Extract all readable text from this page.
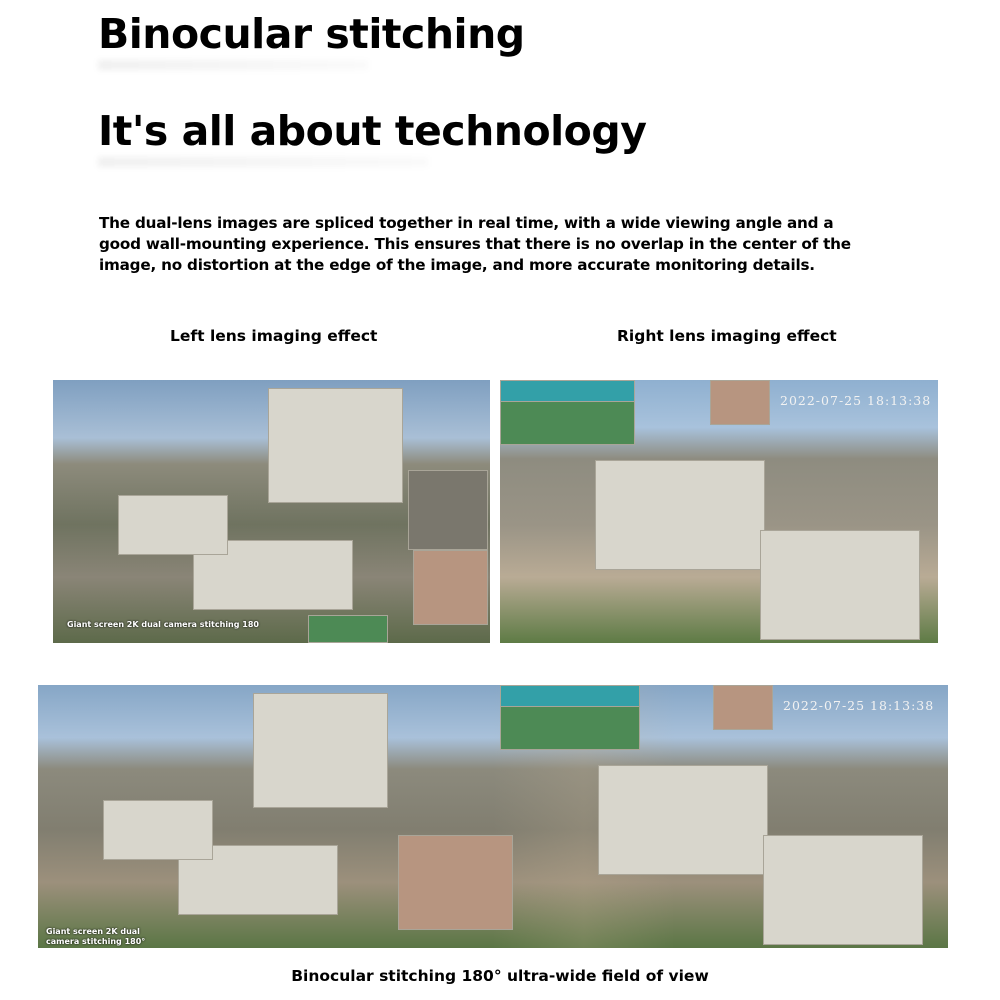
Binocular stitching
It's all about technology
The dual-lens images are spliced together in real time, with a wide viewing angle and a good wall-mounting experience. This ensures that there is no overlap in the center of the image, no distortion at the edge of the image, and more accurate monitoring details.
Left lens imaging effect	Right lens imaging effect
Giant screen 2K dual camera stitching 180
2022-07-25 18:13:38
2022-07-25 18:13:38
Giant screen 2K dual camera stitching 180°
Binocular stitching 180° ultra-wide field of view
